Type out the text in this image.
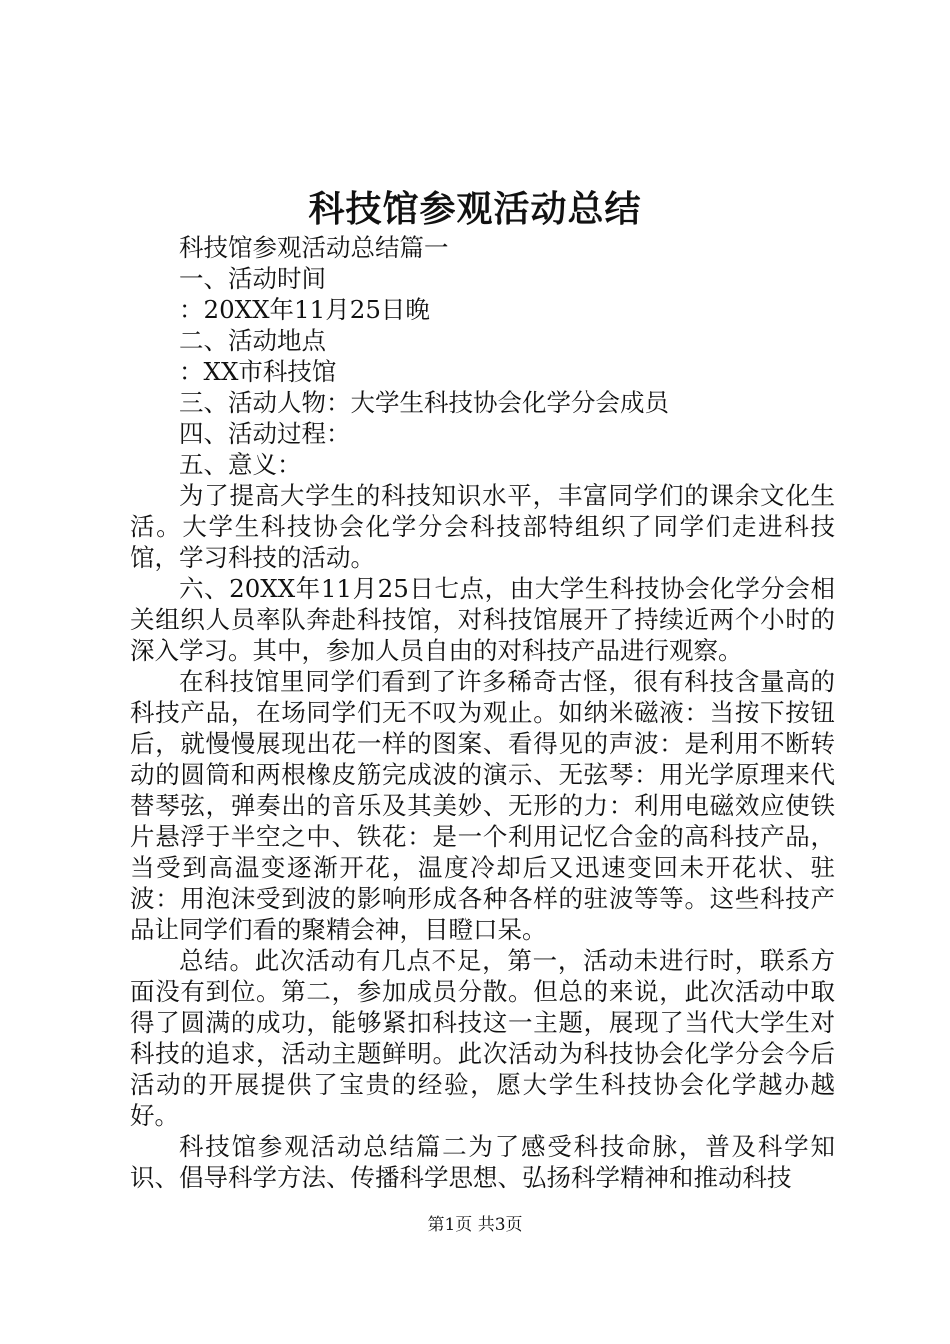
科技馆参观活动总结

科技馆参观活动总结篇一

一、活动时间

：20XX年11月25日晚

二、活动地点

：XX市科技馆

三、活动人物：大学生科技协会化学分会成员

四、活动过程：

五、意义：

为了提高大学生的科技知识水平，丰富同学们的课余文化生活。大学生科技协会化学分会科技部特组织了同学们走进科技馆，学习科技的活动。

六、20XX年11月25日七点，由大学生科技协会化学分会相关组织人员率队奔赴科技馆，对科技馆展开了持续近两个小时的深入学习。其中，参加人员自由的对科技产品进行观察。

在科技馆里同学们看到了许多稀奇古怪，很有科技含量高的科技产品，在场同学们无不叹为观止。如纳米磁液：当按下按钮后，就慢慢展现出花一样的图案、看得见的声波：是利用不断转动的圆筒和两根橡皮筋完成波的演示、无弦琴：用光学原理来代替琴弦，弹奏出的音乐及其美妙、无形的力：利用电磁效应使铁片悬浮于半空之中、铁花：是一个利用记忆合金的高科技产品，当受到高温变逐渐开花，温度冷却后又迅速变回未开花状、驻波：用泡沫受到波的影响形成各种各样的驻波等等。这些科技产品让同学们看的聚精会神，目瞪口呆。

总结。此次活动有几点不足，第一，活动未进行时，联系方面没有到位。第二，参加成员分散。但总的来说，此次活动中取得了圆满的成功，能够紧扣科技这一主题，展现了当代大学生对科技的追求，活动主题鲜明。此次活动为科技协会化学分会今后活动的开展提供了宝贵的经验，愿大学生科技协会化学越办越好。

科技馆参观活动总结篇二为了感受科技命脉，普及科学知识、倡导科学方法、传播科学思想、弘扬科学精神和推动科技

第1页 共3页
